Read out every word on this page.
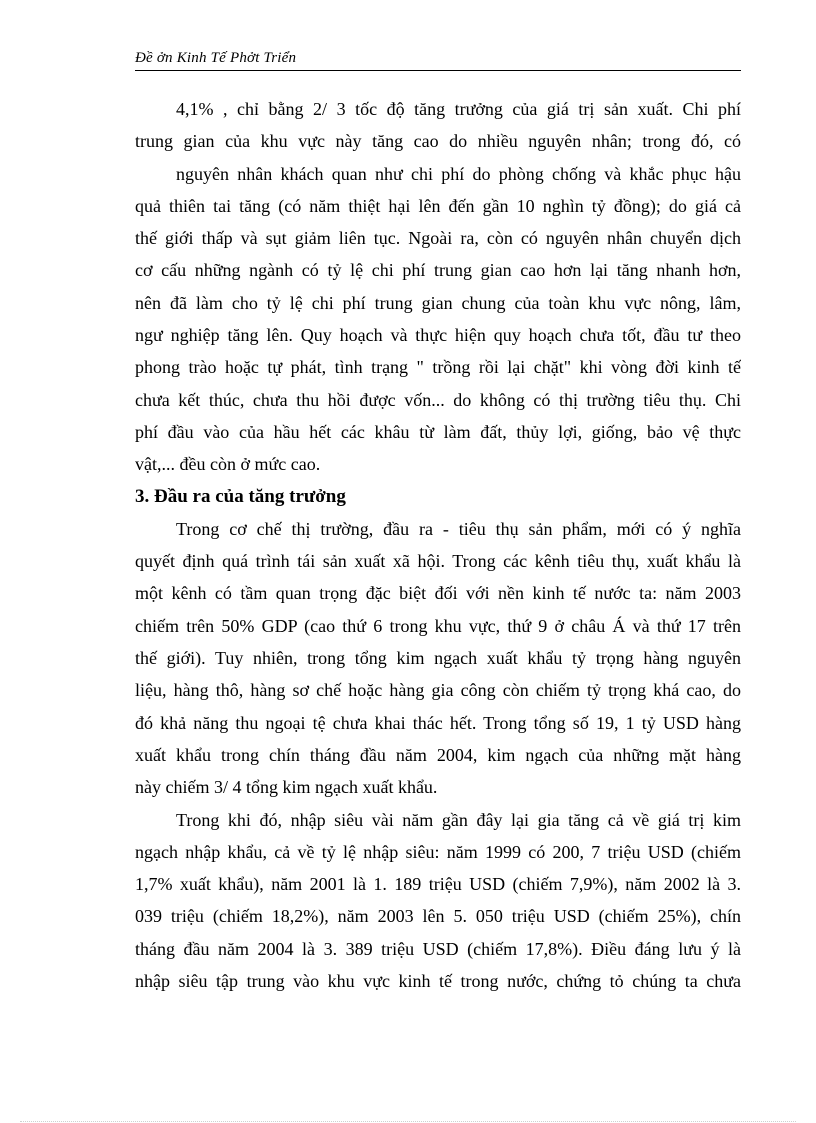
Đề ởn Kinh Tế Phởt Triển
4,1% , chỉ bằng 2/ 3 tốc độ tăng trưởng của giá trị sản xuất. Chi phí
trung gian của khu vực này tăng cao do nhiều nguyên nhân; trong đó, có
nguyên nhân khách quan như chi phí do phòng chống và khắc phục hậu
quả thiên tai tăng (có năm thiệt hại lên đến gần 10 nghìn tỷ đồng); do giá cả
thế giới thấp và sụt giảm liên tục. Ngoài ra, còn có nguyên nhân chuyển dịch
cơ cấu những ngành có tỷ lệ chi phí trung gian cao hơn lại tăng nhanh hơn,
nên đã làm cho tỷ lệ chi phí trung gian chung của toàn khu vực nông, lâm,
ngư nghiệp tăng lên. Quy hoạch và thực hiện quy hoạch chưa tốt, đầu tư theo
phong trào hoặc tự phát, tình trạng " trồng rồi lại chặt" khi vòng đời kinh tế
chưa kết thúc, chưa thu hồi được vốn... do không có thị trường tiêu thụ. Chi
phí đầu vào của hầu hết các khâu từ làm đất, thủy lợi, giống, bảo vệ thực
vật,... đều còn ở mức cao.
3. Đầu ra của tăng trưởng
Trong cơ chế thị trường, đầu ra - tiêu thụ sản phẩm, mới có ý nghĩa
quyết định quá trình tái sản xuất xã hội. Trong các kênh tiêu thụ, xuất khẩu là
một kênh có tầm quan trọng đặc biệt đối với nền kinh tế nước ta: năm 2003
chiếm trên 50% GDP (cao thứ 6 trong khu vực, thứ 9 ở châu Á và thứ 17 trên
thế giới). Tuy nhiên, trong tổng kim ngạch xuất khẩu tỷ trọng hàng nguyên
liệu, hàng thô, hàng sơ chế hoặc hàng gia công còn chiếm tỷ trọng khá cao, do
đó khả năng thu ngoại tệ chưa khai thác hết. Trong tổng số 19, 1 tỷ USD hàng
xuất khẩu trong chín tháng đầu năm 2004, kim ngạch của những mặt hàng
này chiếm 3/ 4 tổng kim ngạch xuất khẩu.
Trong khi đó, nhập siêu vài năm gần đây lại gia tăng cả về giá trị kim
ngạch nhập khẩu, cả về tỷ lệ nhập siêu: năm 1999 có 200, 7 triệu USD (chiếm
1,7% xuất khẩu), năm 2001 là 1. 189 triệu USD (chiếm 7,9%), năm 2002 là 3.
039 triệu (chiếm 18,2%), năm 2003 lên 5. 050 triệu USD (chiếm 25%), chín
tháng đầu năm 2004 là 3. 389 triệu USD (chiếm 17,8%). Điều đáng lưu ý là
nhập siêu tập trung vào khu vực kinh tế trong nước, chứng tỏ chúng ta chưa
